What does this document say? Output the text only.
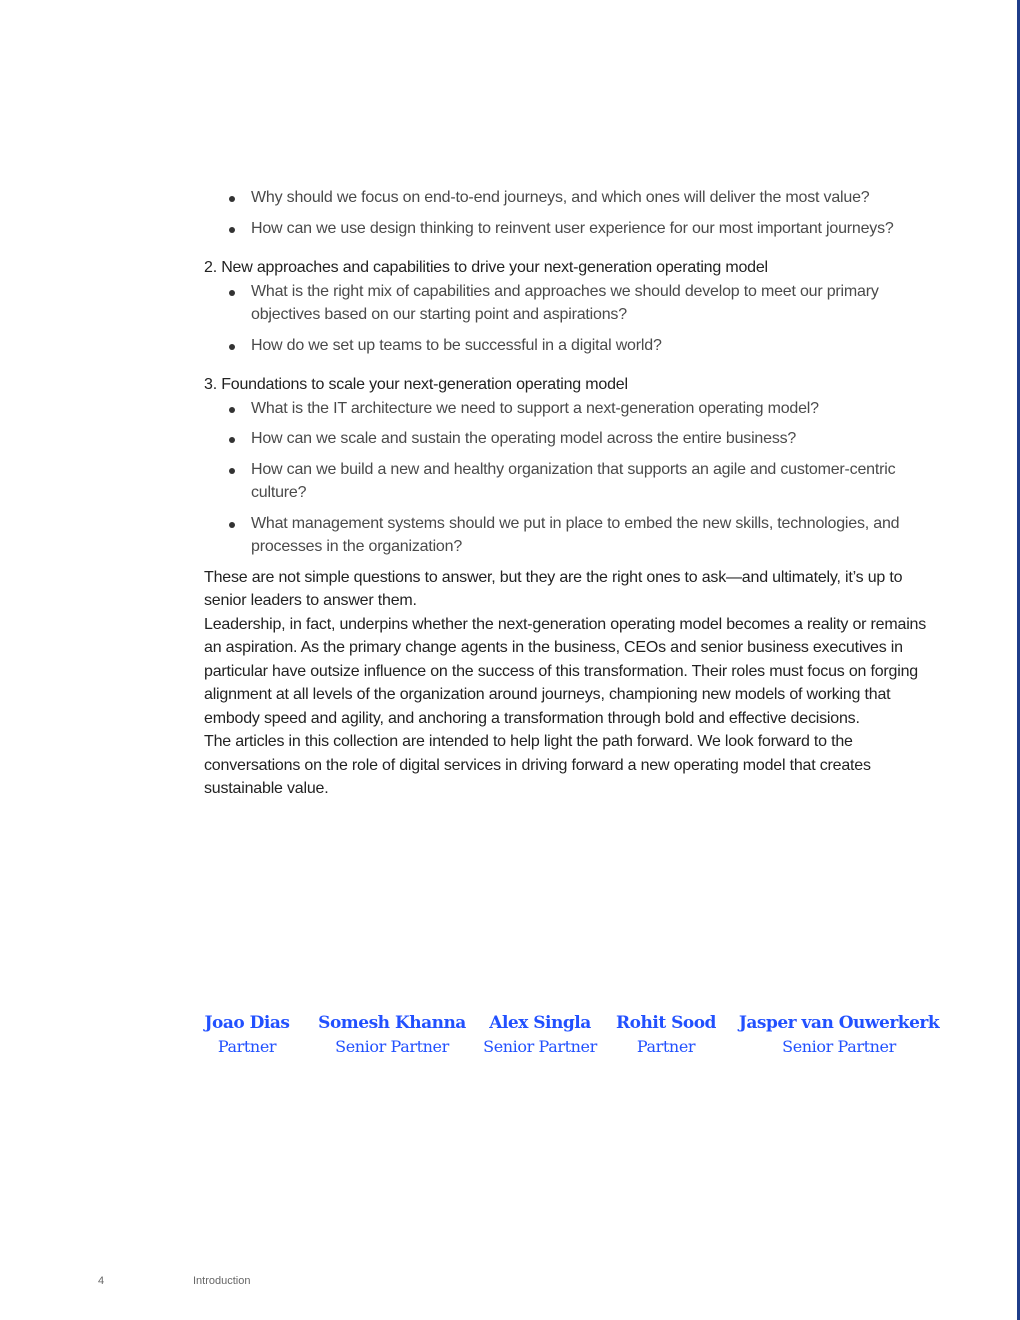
Why should we focus on end-to-end journeys, and which ones will deliver the most value?
How can we use design thinking to reinvent user experience for our most important journeys?
2. New approaches and capabilities to drive your next-generation operating model
What is the right mix of capabilities and approaches we should develop to meet our primary objectives based on our starting point and aspirations?
How do we set up teams to be successful in a digital world?
3. Foundations to scale your next-generation operating model
What is the IT architecture we need to support a next-generation operating model?
How can we scale and sustain the operating model across the entire business?
How can we build a new and healthy organization that supports an agile and customer-centric culture?
What management systems should we put in place to embed the new skills, technologies, and processes in the organization?

These are not simple questions to answer, but they are the right ones to ask—and ultimately, it’s up to senior leaders to answer them.

Leadership, in fact, underpins whether the next-generation operating model becomes a reality or remains an aspiration. As the primary change agents in the business, CEOs and senior business executives in particular have outsize influence on the success of this transformation. Their roles must focus on forging alignment at all levels of the organization around journeys, championing new models of working that embody speed and agility, and anchoring a transformation through bold and effective decisions.

The articles in this collection are intended to help light the path forward. We look forward to the conversations on the role of digital services in driving forward a new operating model that creates sustainable value.

Joao Dias
Partner
Somesh Khanna
Senior Partner
Alex Singla
Senior Partner
Rohit Sood
Partner
Jasper van Ouwerkerk
Senior Partner
4	Introduction
